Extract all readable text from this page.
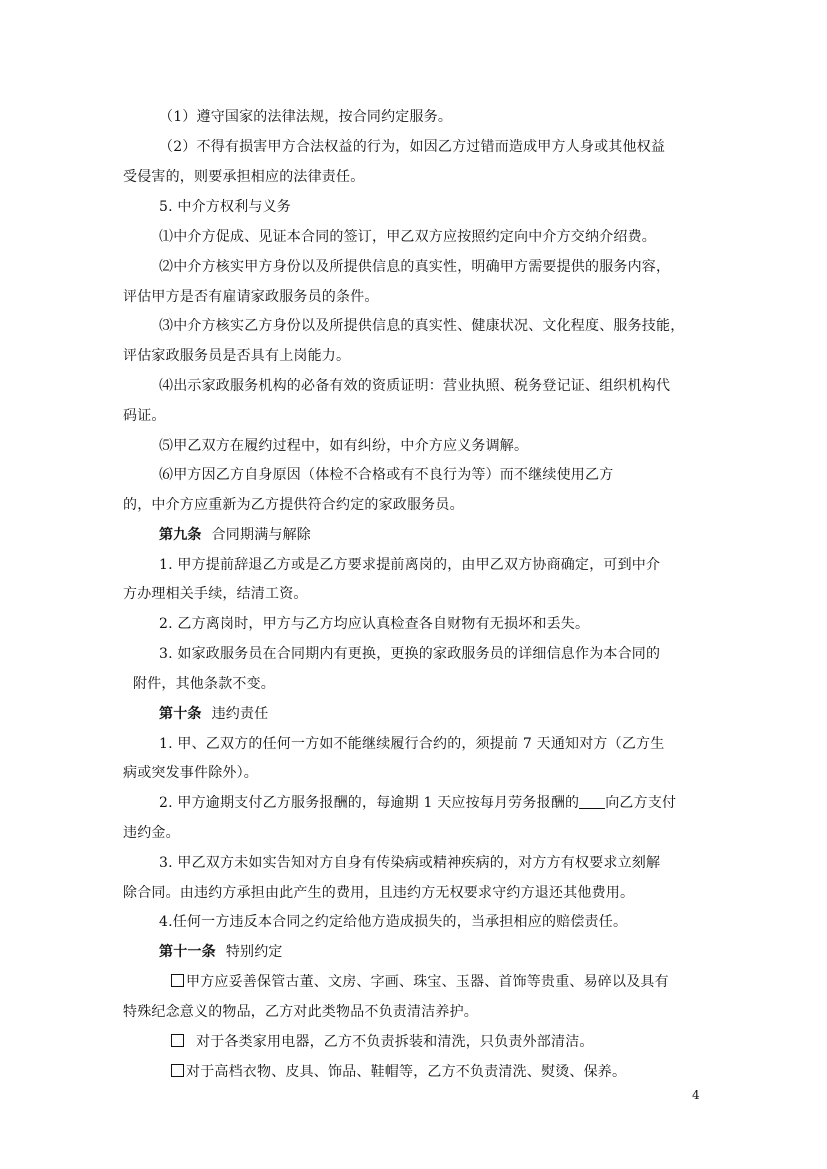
（1）遵守国家的法律法规，按合同约定服务。
（2）不得有损害甲方合法权益的行为，如因乙方过错而造成甲方人身或其他权益
受侵害的，则要承担相应的法律责任。
5. 中介方权利与义务
⑴中介方促成、见证本合同的签订，甲乙双方应按照约定向中介方交纳介绍费。
⑵中介方核实甲方身份以及所提供信息的真实性，明确甲方需要提供的服务内容，
评估甲方是否有雇请家政服务员的条件。
⑶中介方核实乙方身份以及所提供信息的真实性、健康状况、文化程度、服务技能，
评估家政服务员是否具有上岗能力。
⑷出示家政服务机构的必备有效的资质证明：营业执照、税务登记证、组织机构代
码证。
⑸甲乙双方在履约过程中，如有纠纷，中介方应义务调解。
⑹甲方因乙方自身原因（体检不合格或有不良行为等）而不继续使用乙方
的，中介方应重新为乙方提供符合约定的家政服务员。
第九条 合同期满与解除
1. 甲方提前辞退乙方或是乙方要求提前离岗的，由甲乙双方协商确定，可到中介
方办理相关手续，结清工资。
2. 乙方离岗时，甲方与乙方均应认真检查各自财物有无损坏和丢失。
3. 如家政服务员在合同期内有更换，更换的家政服务员的详细信息作为本合同的
附件，其他条款不变。
第十条 违约责任
1. 甲、乙双方的任何一方如不能继续履行合约的，须提前 7 天通知对方（乙方生
病或突发事件除外）。
2. 甲方逾期支付乙方服务报酬的，每逾期 1 天应按每月劳务报酬的 向乙方支付
违约金。
3. 甲乙双方未如实告知对方自身有传染病或精神疾病的，对方方有权要求立刻解
除合同。由违约方承担由此产生的费用，且违约方无权要求守约方退还其他费用。
4.任何一方违反本合同之约定给他方造成损失的，当承担相应的赔偿责任。
第十一条 特别约定
甲方应妥善保管古董、文房、字画、珠宝、玉器、首饰等贵重、易碎以及具有
特殊纪念意义的物品，乙方对此类物品不负责清洁养护。
对于各类家用电器，乙方不负责拆装和清洗，只负责外部清洁。
对于高档衣物、皮具、饰品、鞋帽等，乙方不负责清洗、熨烫、保养。
4
